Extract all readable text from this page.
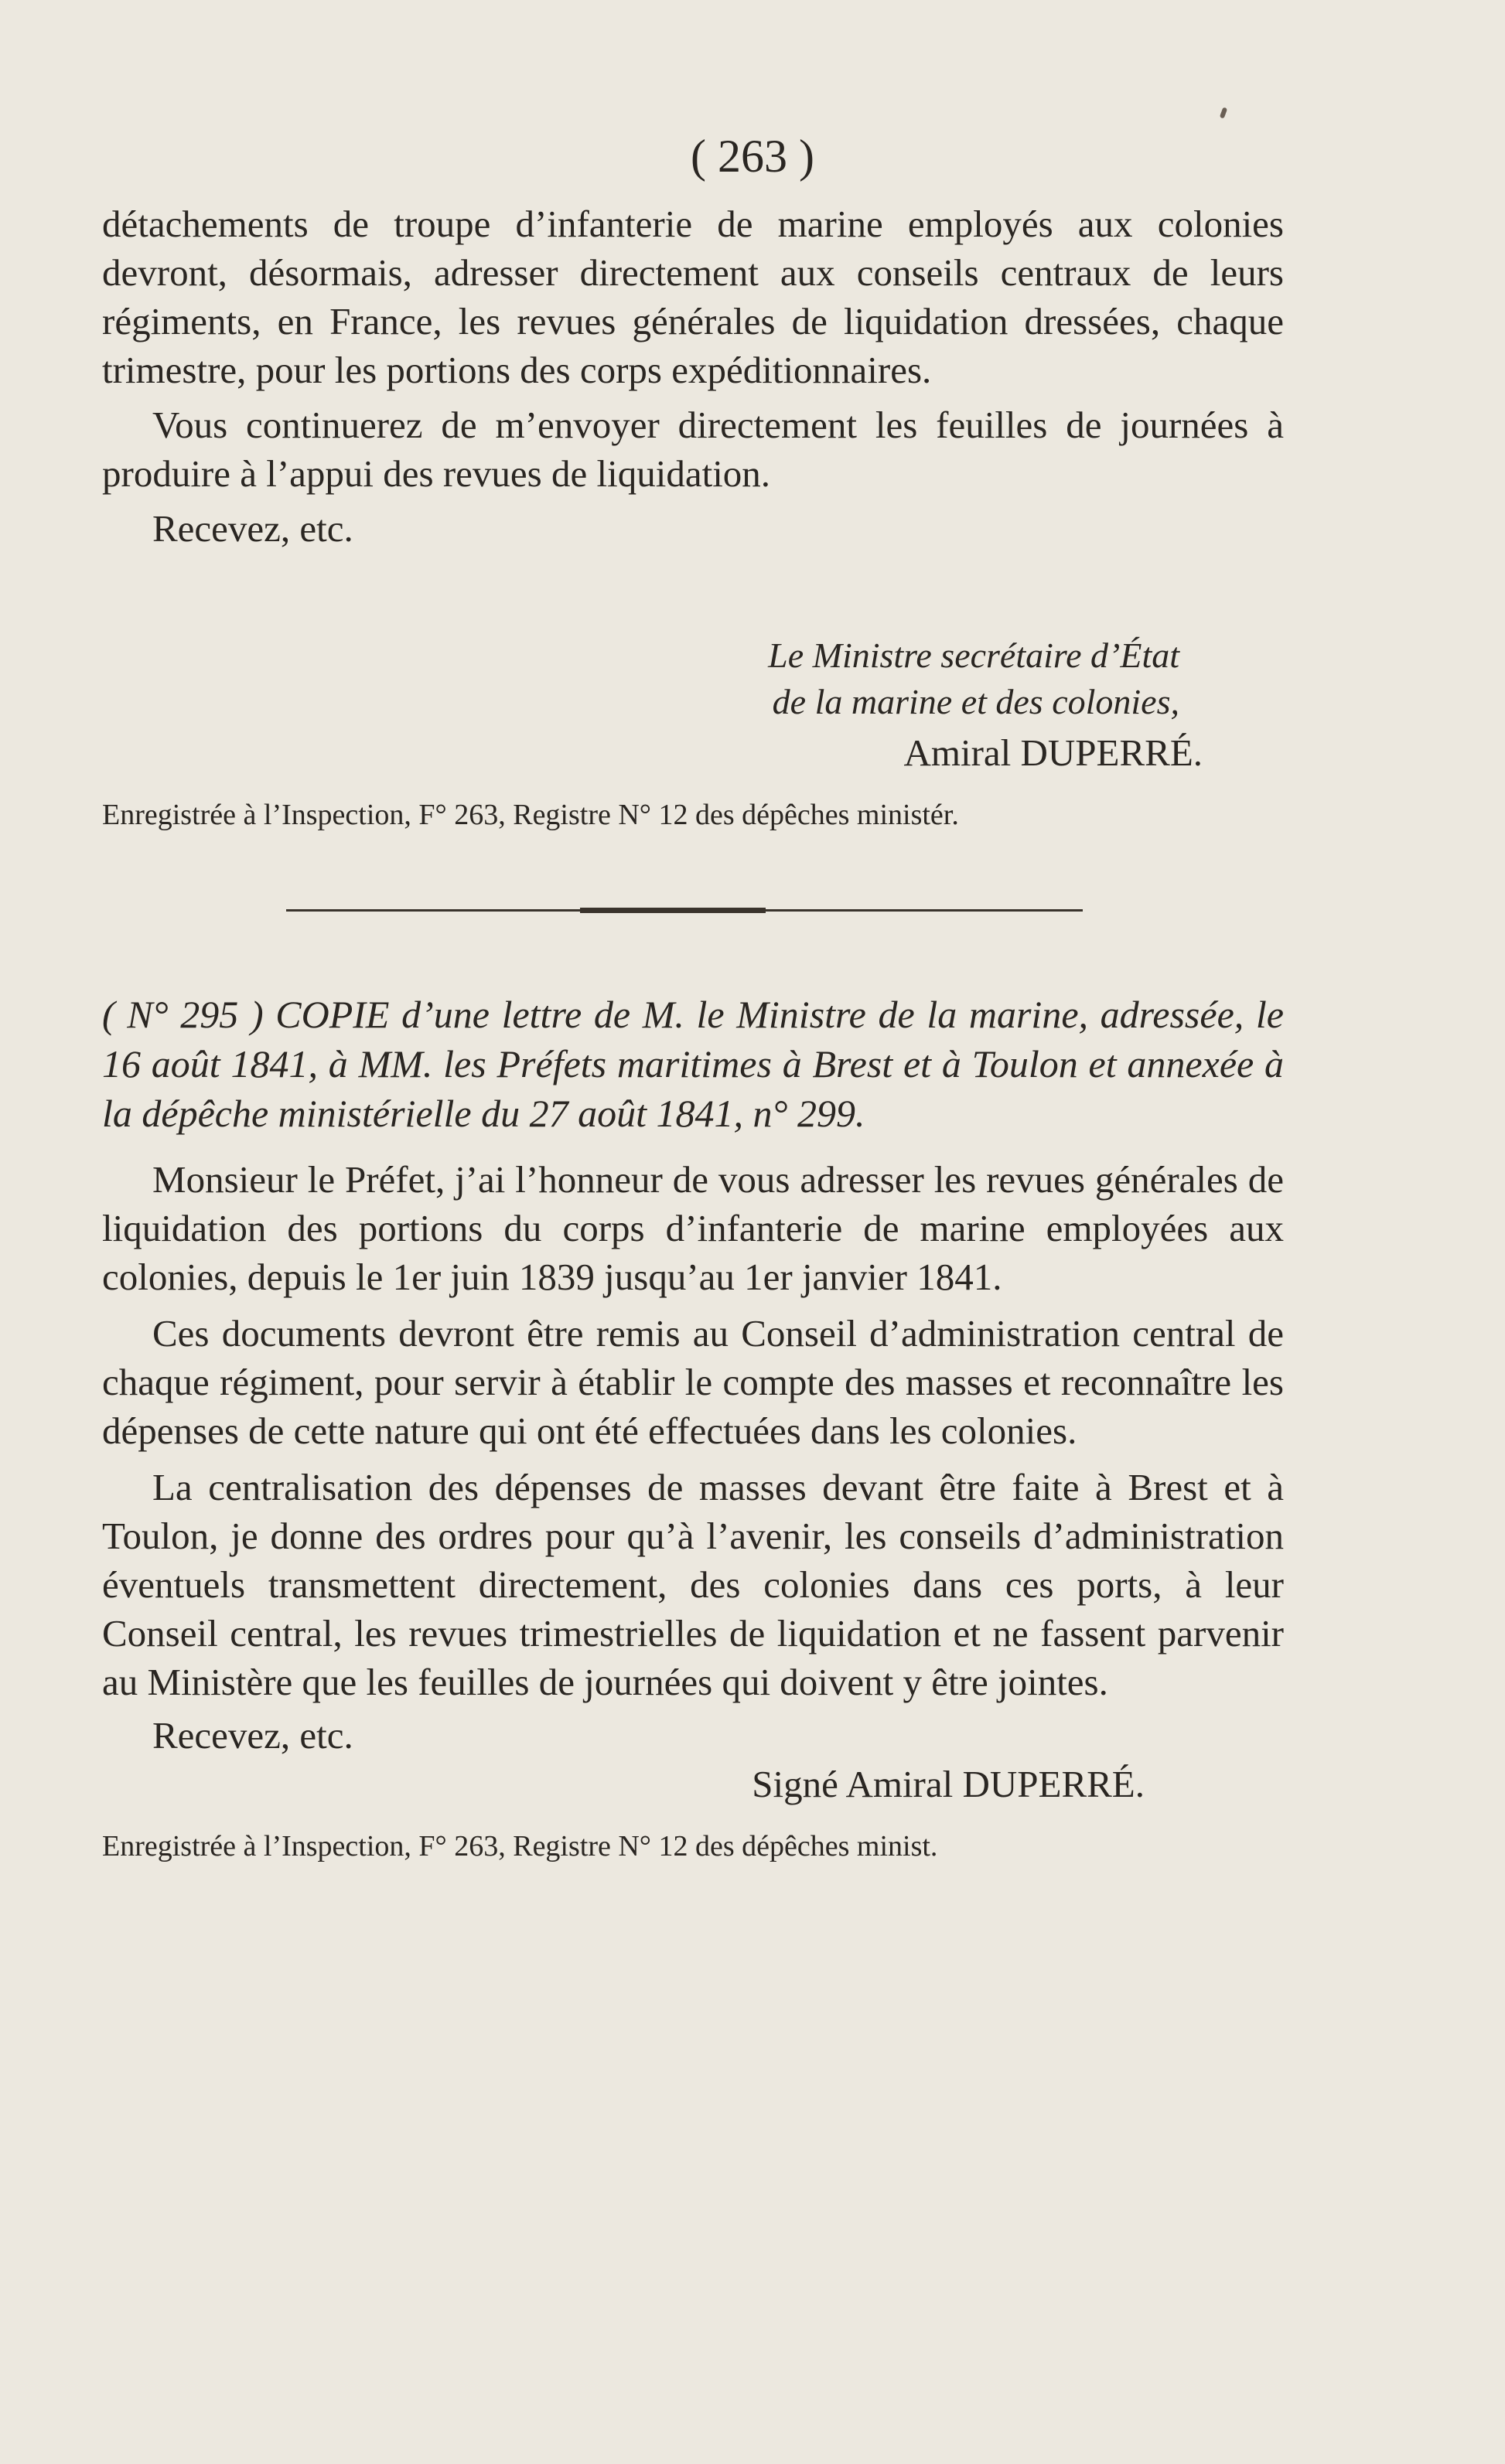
( 263 )

détachements de troupe d’infanterie de marine employés aux colonies devront, désormais, adresser directement aux conseils centraux de leurs régiments, en France, les revues générales de liquidation dressées, chaque trimestre, pour les portions des corps expéditionnaires.

Vous continuerez de m’envoyer directement les feuilles de journées à produire à l’appui des revues de liquidation.

Recevez, etc.

Le Ministre secrétaire d’État

de la marine et des colonies,

Amiral DUPERRÉ.

Enregistrée à l’Inspection, F° 263, Registre N° 12 des dépêches ministér.

( N° 295 ) COPIE d’une lettre de M. le Ministre de la marine, adressée, le 16 août 1841, à MM. les Préfets maritimes à Brest et à Toulon et annexée à la dépêche ministérielle du 27 août 1841, n° 299.

Monsieur le Préfet, j’ai l’honneur de vous adresser les revues générales de liquidation des portions du corps d’infanterie de marine employées aux colonies, depuis le 1er juin 1839 jusqu’au 1er janvier 1841.

Ces documents devront être remis au Conseil d’administration central de chaque régiment, pour servir à établir le compte des masses et reconnaître les dépenses de cette nature qui ont été effectuées dans les colonies.

La centralisation des dépenses de masses devant être faite à Brest et à Toulon, je donne des ordres pour qu’à l’avenir, les conseils d’administration éventuels transmettent directement, des colonies dans ces ports, à leur Conseil central, les revues trimestrielles de liquidation et ne fassent parvenir au Ministère que les feuilles de journées qui doivent y être jointes.

Recevez, etc.

Signé Amiral DUPERRÉ.

Enregistrée à l’Inspection, F° 263, Registre N° 12 des dépêches minist.
